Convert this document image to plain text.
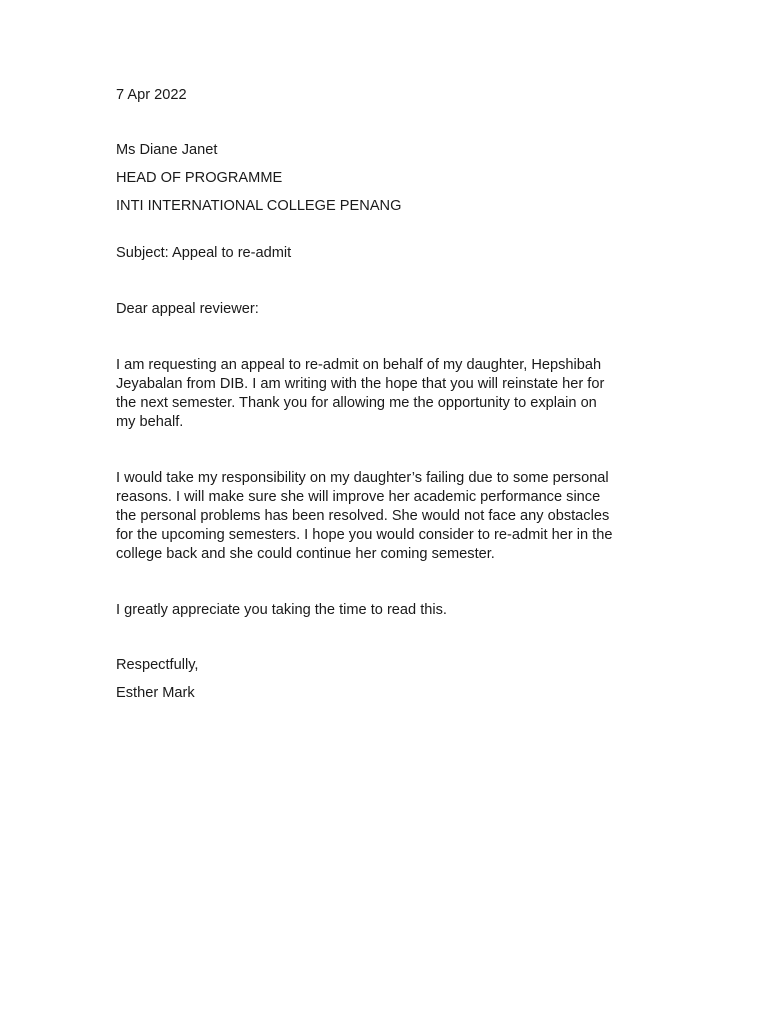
7 Apr 2022
Ms Diane Janet
HEAD OF PROGRAMME
INTI INTERNATIONAL COLLEGE PENANG
Subject: Appeal to re-admit
Dear appeal reviewer:
I am requesting an appeal to re-admit on behalf of my daughter, Hepshibah
Jeyabalan from DIB. I am writing with the hope that you will reinstate her for
the next semester. Thank you for allowing me the opportunity to explain on
my behalf.
I would take my responsibility on my daughter’s failing due to some personal
reasons. I will make sure she will improve her academic performance since
the personal problems has been resolved. She would not face any obstacles
for the upcoming semesters. I hope you would consider to re-admit her in the
college back and she could continue her coming semester.
I greatly appreciate you taking the time to read this.
Respectfully,
Esther Mark
